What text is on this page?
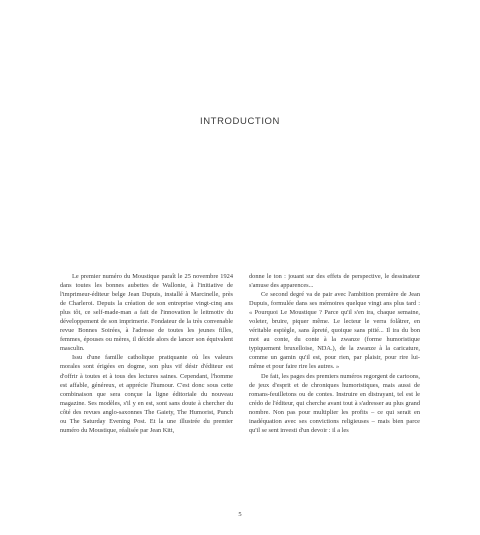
INTRODUCTION

Le premier numéro du Moustique paraît le 25 novembre 1924 dans toutes les bonnes aubettes de Wallonie, à l'initiative de l'imprimeur-éditeur belge Jean Dupuis, installé à Marcinelle, près de Charleroi. Depuis la création de son entreprise vingt-cinq ans plus tôt, ce self-made-man a fait de l'innovation le leitmotiv du développement de son imprimerie. Fondateur de la très convenable revue Bonnes Soirées, à l'adresse de toutes les jeunes filles, femmes, épouses ou mères, il décide alors de lancer son équivalent masculin.

Issu d'une famille catholique pratiquante où les valeurs morales sont érigées en dogme, son plus vif désir d'éditeur est d'offrir à toutes et à tous des lectures saines. Cependant, l'homme est affable, généreux, et apprécie l'humour. C'est donc sous cette combinaison que sera conçue la ligne éditoriale du nouveau magazine. Ses modèles, s'il y en est, sont sans doute à chercher du côté des revues anglo-saxonnes The Gaiety, The Humorist, Punch ou The Saturday Evening Post. Et la une illustrée du premier numéro du Moustique, réalisée par Jean Kitt,

donne le ton : jouant sur des effets de perspective, le dessinateur s'amuse des apparences...

Ce second degré va de pair avec l'ambition première de Jean Dupuis, formulée dans ses mémoires quelque vingt ans plus tard : « Pourquoi Le Moustique ? Parce qu'il s'en ira, chaque semaine, voleter, bruire, piquer même. Le lecteur le verra folâtrer, en véritable espiègle, sans âpreté, quoique sans pitié... Il ira du bon mot au conte, du conte à la zwanze (forme humoristique typiquement bruxelloise, NDA.), de la zwanze à la caricature, comme un gamin qu'il est, pour rien, par plaisir, pour rire lui-même et pour faire rire les autres. »

De fait, les pages des premiers numéros regorgent de cartoons, de jeux d'esprit et de chroniques humoristiques, mais aussi de romans-feuilletons ou de contes. Instruire en distrayant, tel est le crédo de l'éditeur, qui cherche avant tout à s'adresser au plus grand nombre. Non pas pour multiplier les profits – ce qui serait en inadéquation avec ses convictions religieuses – mais bien parce qu'il se sent investi d'un devoir : il a les

5
